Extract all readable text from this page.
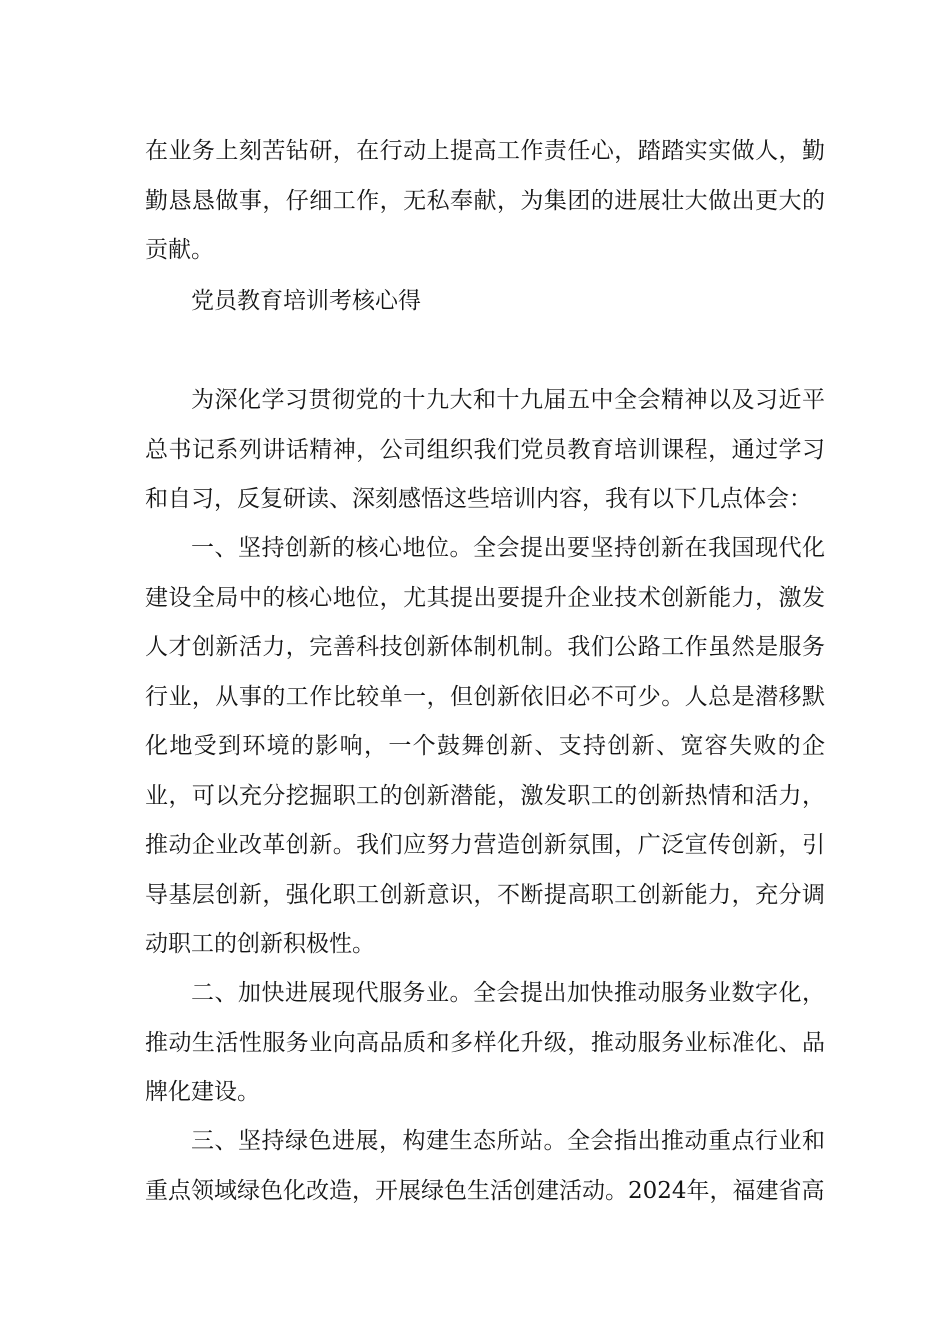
在业务上刻苦钻研，在行动上提高工作责任心，踏踏实实做人，勤勤恳恳做事，仔细工作，无私奉献，为集团的进展壮大做出更大的贡献。

党员教育培训考核心得

为深化学习贯彻党的十九大和十九届五中全会精神以及习近平总书记系列讲话精神，公司组织我们党员教育培训课程，通过学习和自习，反复研读、深刻感悟这些培训内容，我有以下几点体会：

一、坚持创新的核心地位。全会提出要坚持创新在我国现代化建设全局中的核心地位，尤其提出要提升企业技术创新能力，激发人才创新活力，完善科技创新体制机制。我们公路工作虽然是服务行业，从事的工作比较单一，但创新依旧必不可少。人总是潜移默化地受到环境的影响，一个鼓舞创新、支持创新、宽容失败的企业，可以充分挖掘职工的创新潜能，激发职工的创新热情和活力，推动企业改革创新。我们应努力营造创新氛围，广泛宣传创新，引导基层创新，强化职工创新意识，不断提高职工创新能力，充分调动职工的创新积极性。

二、加快进展现代服务业。全会提出加快推动服务业数字化，推动生活性服务业向高品质和多样化升级，推动服务业标准化、品牌化建设。

三、坚持绿色进展，构建生态所站。全会指出推动重点行业和重点领域绿色化改造，开展绿色生活创建活动。2024年，福建省高
